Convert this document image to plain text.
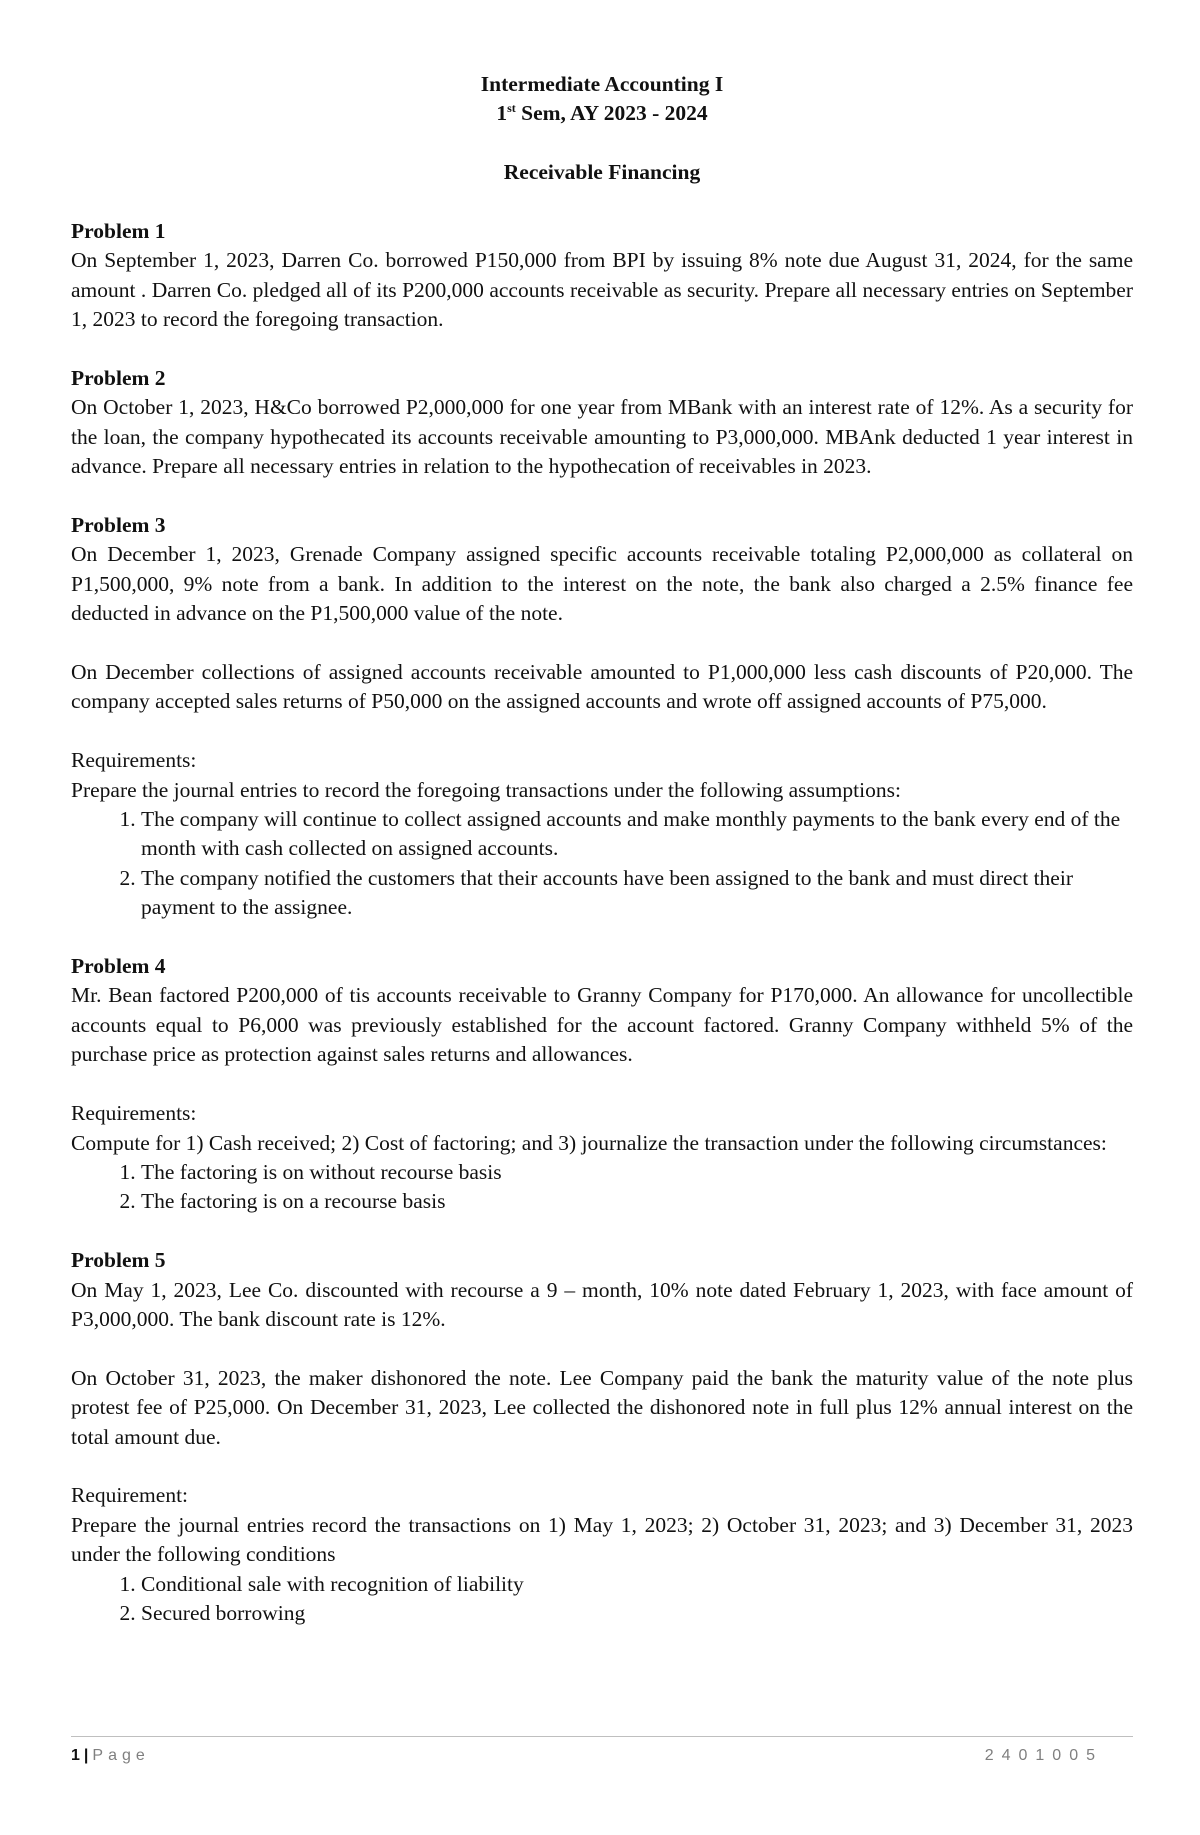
Intermediate Accounting I
1st Sem, AY 2023 - 2024
Receivable Financing

Problem 1

On September 1, 2023, Darren Co. borrowed P150,000 from BPI by issuing 8% note due August 31, 2024, for the same amount . Darren Co. pledged all of its P200,000 accounts receivable as security. Prepare all necessary entries on September 1, 2023 to record the foregoing transaction.

Problem 2

On October 1, 2023, H&Co borrowed P2,000,000 for one year from MBank with an interest rate of 12%. As a security for the loan, the company hypothecated its accounts receivable amounting to P3,000,000. MBAnk deducted 1 year interest in advance. Prepare all necessary entries in relation to the hypothecation of receivables in 2023.

Problem 3

On December 1, 2023, Grenade Company assigned specific accounts receivable totaling P2,000,000 as collateral on P1,500,000, 9% note from a bank. In addition to the interest on the note, the bank also charged a 2.5% finance fee deducted in advance on the P1,500,000 value of the note.

On December collections of assigned accounts receivable amounted to P1,000,000 less cash discounts of P20,000. The company accepted sales returns of P50,000 on the assigned accounts and wrote off assigned accounts of P75,000.

Requirements:

Prepare the journal entries to record the foregoing transactions under the following assumptions:

1. The company will continue to collect assigned accounts and make monthly payments to the bank every end of the month with cash collected on assigned accounts.
2. The company notified the customers that their accounts have been assigned to the bank and must direct their payment to the assignee.

Problem 4

Mr. Bean factored P200,000 of tis accounts receivable to Granny Company for P170,000. An allowance for uncollectible accounts equal to P6,000 was previously established for the account factored. Granny Company withheld 5% of the purchase price as protection against sales returns and allowances.

Requirements:

Compute for 1) Cash received; 2) Cost of factoring; and 3) journalize the transaction under the following circumstances:

1. The factoring is on without recourse basis
2. The factoring is on a recourse basis

Problem 5

On May 1, 2023, Lee Co. discounted with recourse a 9 – month, 10% note dated February 1, 2023, with face amount of P3,000,000. The bank discount rate is 12%.

On October 31, 2023, the maker dishonored the note. Lee Company paid the bank the maturity value of the note plus protest fee of P25,000. On December 31, 2023, Lee collected the dishonored note in full plus 12% annual interest on the total amount due.

Requirement:

Prepare the journal entries record the transactions on 1) May 1, 2023; 2) October 31, 2023; and 3) December 31, 2023 under the following conditions

1. Conditional sale with recognition of liability
2. Secured borrowing
1 | Page	2401005
